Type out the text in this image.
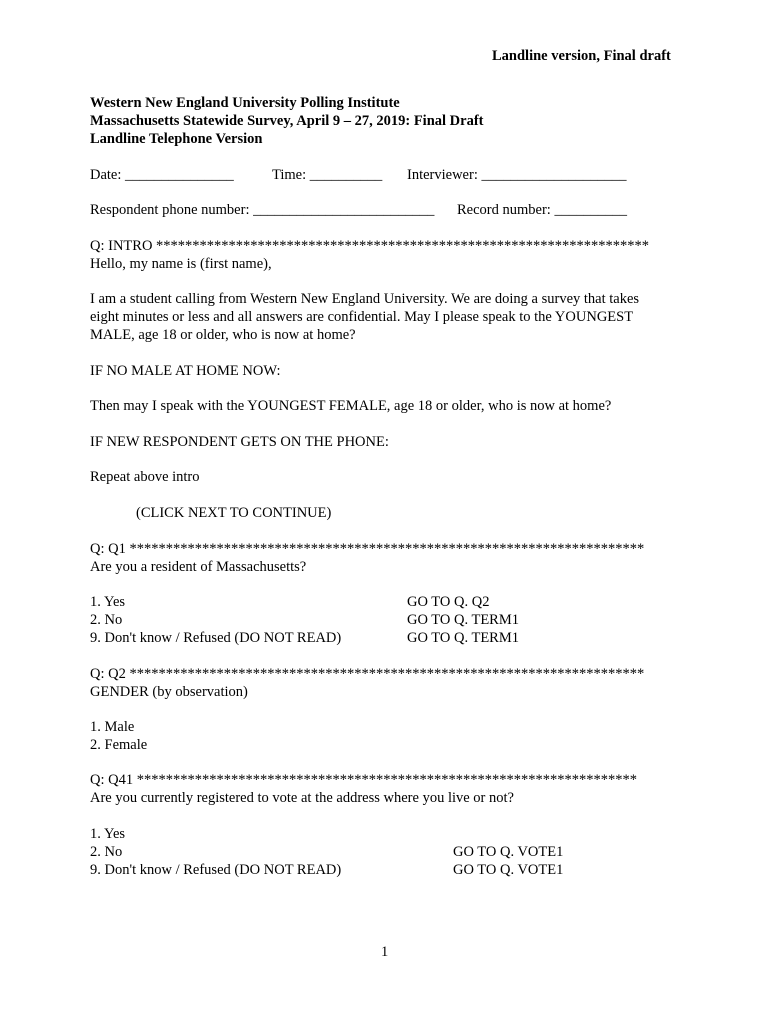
Landline version, Final draft
Western New England University Polling Institute
Massachusetts Statewide Survey, April 9 – 27, 2019: Final Draft
Landline Telephone Version
Date: _______________	Time: __________ Interviewer: ____________________
Respondent phone number: _________________________ Record number: __________
Q: INTRO ********************************************************************
Hello, my name is (first name),
I am a student calling from Western New England University. We are doing a survey that takes
eight minutes or less and all answers are confidential. May I please speak to the YOUNGEST
MALE, age 18 or older, who is now at home?
IF NO MALE AT HOME NOW:
Then may I speak with the YOUNGEST FEMALE, age 18 or older, who is now at home?
IF NEW RESPONDENT GETS ON THE PHONE:
Repeat above intro
(CLICK NEXT TO CONTINUE)
Q: Q1 ***********************************************************************
Are you a resident of Massachusetts?
1. Yes	GO TO Q. Q2
2. No	GO TO Q. TERM1
9. Don't know / Refused (DO NOT READ)	GO TO Q. TERM1
Q: Q2 ***********************************************************************
GENDER (by observation)
1. Male
2. Female
Q: Q41 *********************************************************************
Are you currently registered to vote at the address where you live or not?
1. Yes
2. No	GO TO Q. VOTE1
9. Don't know / Refused (DO NOT READ)	GO TO Q. VOTE1
1
